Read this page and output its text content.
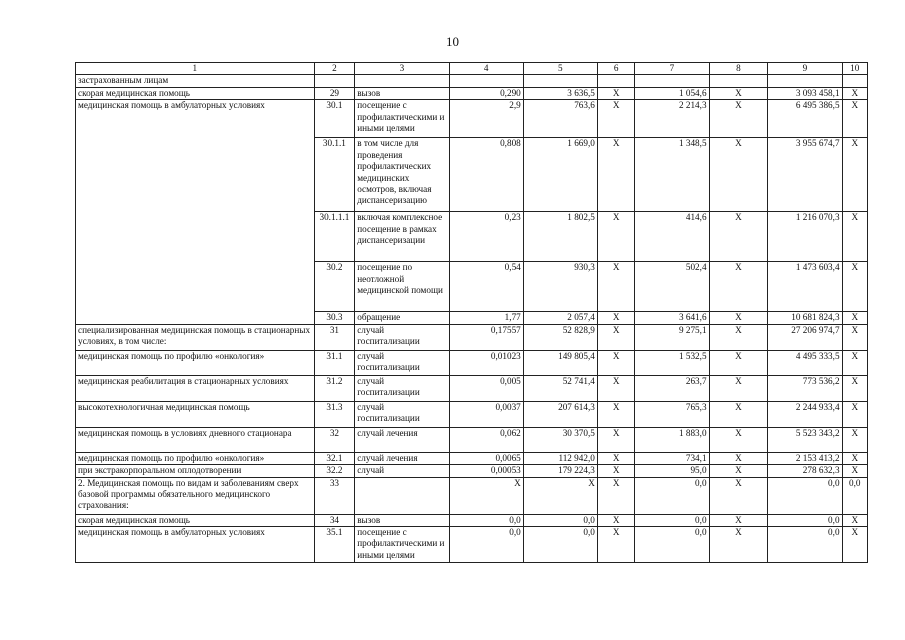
10
1	2	3	4	5	6	7	8	9	10
застрахованным лицам									
скорая медицинская помощь	29	вызов	0,290	3 636,5	X	1 054,6	X	3 093 458,1	X
медицинская помощь в амбулаторных условиях	30.1	посещение с профилактическими и иными целями	2,9	763,6	X	2 214,3	X	6 495 386,5	X
	30.1.1	в том числе для проведения профилактических медицинских осмотров, включая диспансеризацию	0,808	1 669,0	X	1 348,5	X	3 955 674,7	X
	30.1.1.1	включая комплексное посещение в рамках диспансеризации	0,23	1 802,5	X	414,6	X	1 216 070,3	X
	30.2	посещение по неотложной медицинской помощи	0,54	930,3	X	502,4	X	1 473 603,4	X
	30.3	обращение	1,77	2 057,4	X	3 641,6	X	10 681 824,3	X
специализированная медицинская помощь в стационарных условиях, в том числе:	31	случай госпитализации	0,17557	52 828,9	X	9 275,1	X	27 206 974,7	X
медицинская помощь по профилю «онкология»	31.1	случай госпитализации	0,01023	149 805,4	X	1 532,5	X	4 495 333,5	X
медицинская реабилитация в стационарных условиях	31.2	случай госпитализации	0,005	52 741,4	X	263,7	X	773 536,2	X
высокотехнологичная медицинская помощь	31.3	случай госпитализации	0,0037	207 614,3	X	765,3	X	2 244 933,4	X
медицинская помощь в условиях дневного стационара	32	случай лечения	0,062	30 370,5	X	1 883,0	X	5 523 343,2	X
медицинская помощь по профилю «онкология»	32.1	случай лечения	0,0065	112 942,0	X	734,1	X	2 153 413,2	X
при экстракорпоральном оплодотворении	32.2	случай	0,00053	179 224,3	X	95,0	X	278 632,3	X
2. Медицинская помощь по видам и заболеваниям сверх базовой программы обязательного медицинского страхования:	33		X	X	X	0,0	X	0,0	0,0
скорая медицинская помощь	34	вызов	0,0	0,0	X	0,0	X	0,0	X
медицинская помощь в амбулаторных условиях	35.1	посещение с профилактическими и иными целями	0,0	0,0	X	0,0	X	0,0	X
